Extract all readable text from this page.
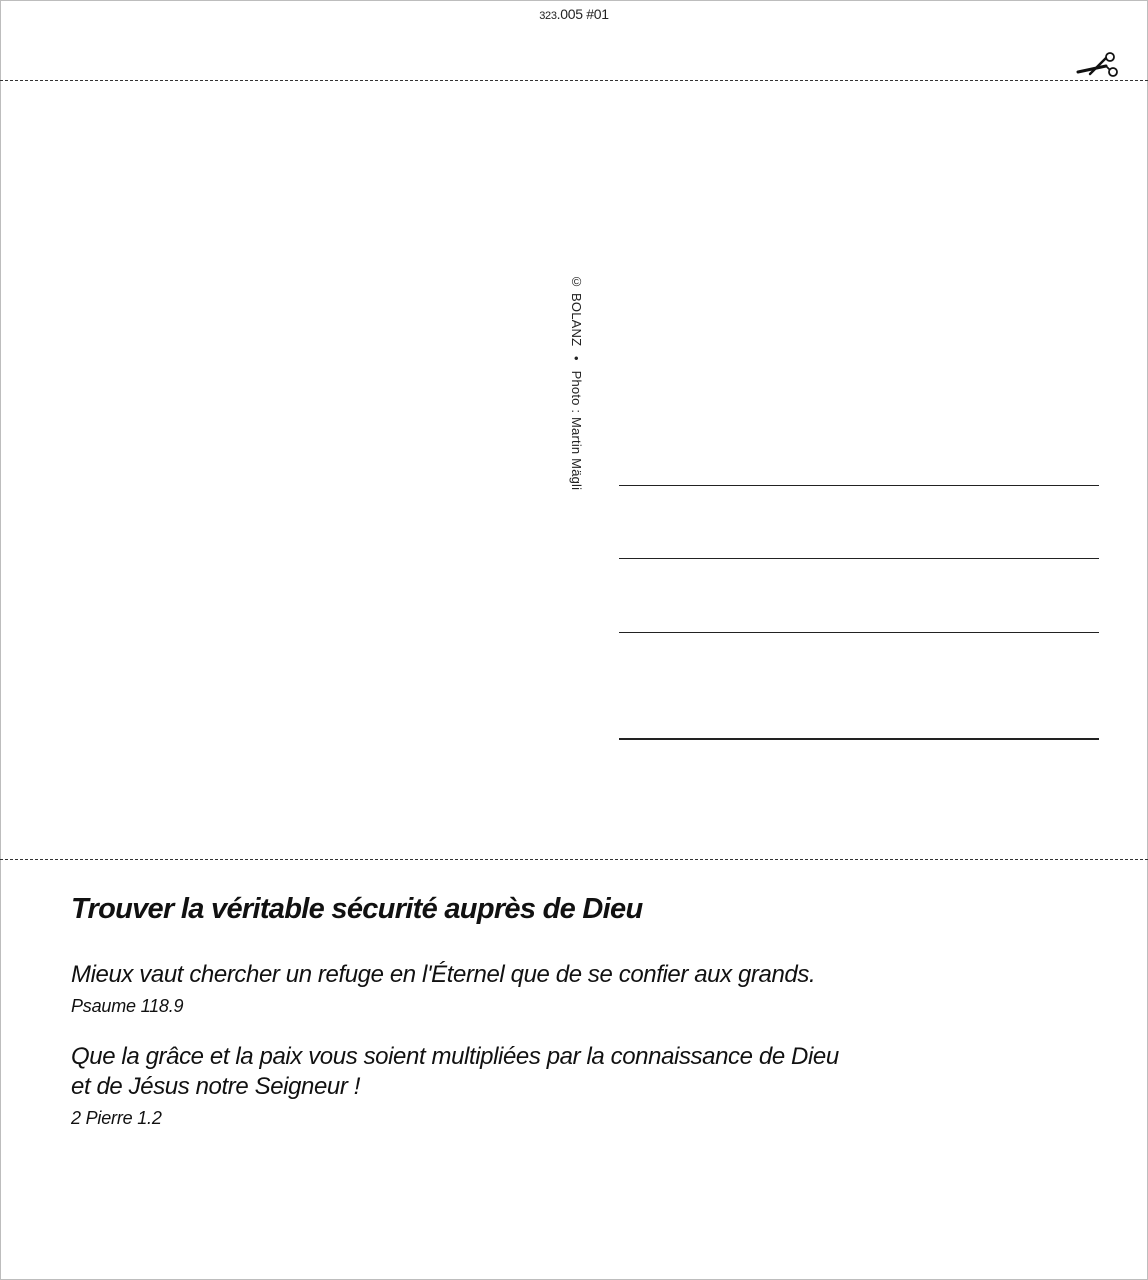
323.005 #01
© BOLANZ • Photo : Martin Mägli
Trouver la véritable sécurité auprès de Dieu

Mieux vaut chercher un refuge en l'Éternel que de se confier aux grands.

Psaume 118.9

Que la grâce et la paix vous soient multipliées par la connaissance de Dieu
et de Jésus notre Seigneur !

2 Pierre 1.2
